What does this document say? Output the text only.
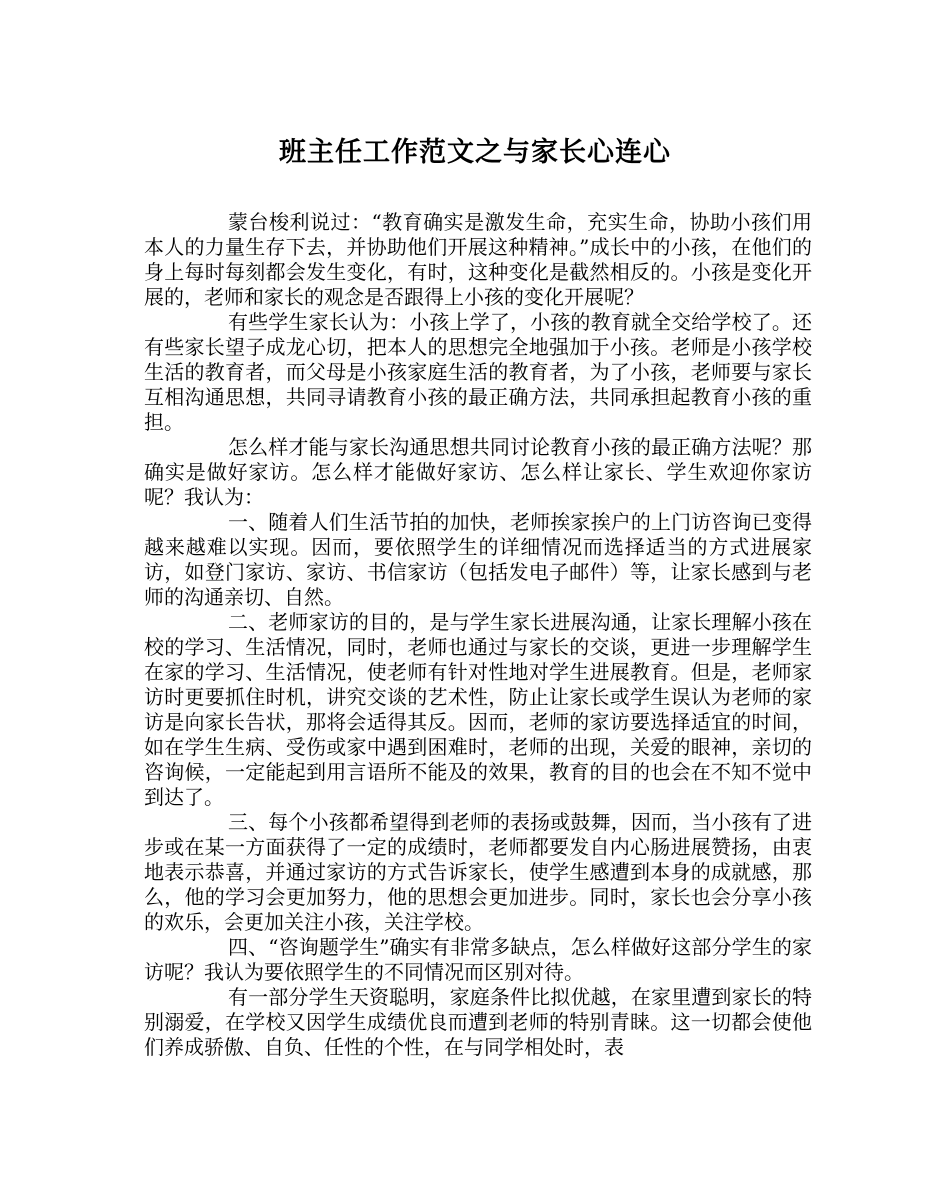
班主任工作范文之与家长心连心

蒙台梭利说过：“教育确实是激发生命，充实生命，协助小孩们用本人的力量生存下去，并协助他们开展这种精神。”成长中的小孩，在他们的身上每时每刻都会发生变化，有时，这种变化是截然相反的。小孩是变化开展的，老师和家长的观念是否跟得上小孩的变化开展呢？

有些学生家长认为：小孩上学了，小孩的教育就全交给学校了。还有些家长望子成龙心切，把本人的思想完全地强加于小孩。老师是小孩学校生活的教育者，而父母是小孩家庭生活的教育者，为了小孩，老师要与家长互相沟通思想，共同寻请教育小孩的最正确方法，共同承担起教育小孩的重担。

怎么样才能与家长沟通思想共同讨论教育小孩的最正确方法呢？那确实是做好家访。怎么样才能做好家访、怎么样让家长、学生欢迎你家访呢？我认为：

一、随着人们生活节拍的加快，老师挨家挨户的上门访咨询已变得越来越难以实现。因而，要依照学生的详细情况而选择适当的方式进展家访，如登门家访、家访、书信家访（包括发电子邮件）等，让家长感到与老师的沟通亲切、自然。

二、老师家访的目的，是与学生家长进展沟通，让家长理解小孩在校的学习、生活情况，同时，老师也通过与家长的交谈，更进一步理解学生在家的学习、生活情况，使老师有针对性地对学生进展教育。但是，老师家访时更要抓住时机，讲究交谈的艺术性，防止让家长或学生误认为老师的家访是向家长告状，那将会适得其反。因而，老师的家访要选择适宜的时间，如在学生生病、受伤或家中遇到困难时，老师的出现，关爱的眼神，亲切的咨询候，一定能起到用言语所不能及的效果，教育的目的也会在不知不觉中到达了。

三、每个小孩都希望得到老师的表扬或鼓舞，因而，当小孩有了进步或在某一方面获得了一定的成绩时，老师都要发自内心肠进展赞扬，由衷地表示恭喜，并通过家访的方式告诉家长，使学生感遭到本身的成就感，那么，他的学习会更加努力，他的思想会更加进步。同时，家长也会分享小孩的欢乐，会更加关注小孩，关注学校。

四、“咨询题学生”确实有非常多缺点，怎么样做好这部分学生的家访呢？我认为要依照学生的不同情况而区别对待。

有一部分学生天资聪明，家庭条件比拟优越，在家里遭到家长的特别溺爱，在学校又因学生成绩优良而遭到老师的特别青睐。这一切都会使他们养成骄傲、自负、任性的个性，在与同学相处时，表
